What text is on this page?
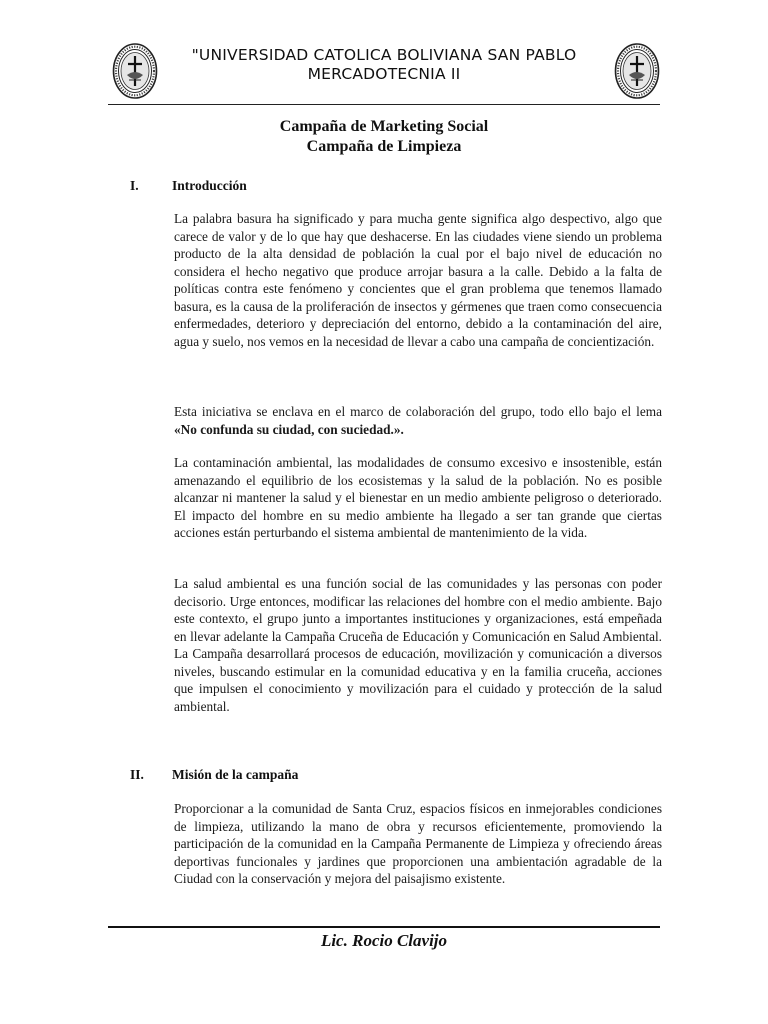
"UNIVERSIDAD CATOLICA BOLIVIANA SAN PABLO
MERCADOTECNIA II
Campaña de Marketing Social
Campaña de Limpieza
I. Introducción
La palabra basura ha significado y para mucha gente significa algo despectivo, algo que carece de valor y de lo que hay que deshacerse. En las ciudades viene siendo un problema producto de la alta densidad de población la cual por el bajo nivel de educación no considera el hecho negativo que produce arrojar basura a la calle. Debido a la falta de políticas contra este fenómeno y concientes que el gran problema que tenemos llamado basura, es la causa de la proliferación de insectos y gérmenes que traen como consecuencia enfermedades, deterioro y depreciación del entorno, debido a la contaminación del aire, agua y suelo, nos vemos en la necesidad de llevar a cabo una campaña de concientización.
Esta iniciativa se enclava en el marco de colaboración del grupo, todo ello bajo el lema «No confunda su ciudad, con suciedad.».
La contaminación ambiental, las modalidades de consumo excesivo e insostenible, están amenazando el equilibrio de los ecosistemas y la salud de la población. No es posible alcanzar ni mantener la salud y el bienestar en un medio ambiente peligroso o deteriorado. El impacto del hombre en su medio ambiente ha llegado a ser tan grande que ciertas acciones están perturbando el sistema ambiental de mantenimiento de la vida.
La salud ambiental es una función social de las comunidades y las personas con poder decisorio. Urge entonces, modificar las relaciones del hombre con el medio ambiente. Bajo este contexto, el grupo junto a importantes instituciones y organizaciones, está empeñada en llevar adelante la Campaña Cruceña de Educación y Comunicación en Salud Ambiental. La Campaña desarrollará procesos de educación, movilización y comunicación a diversos niveles, buscando estimular en la comunidad educativa y en la familia cruceña, acciones que impulsen el conocimiento y movilización para el cuidado y protección de la salud ambiental.
II. Misión de la campaña
Proporcionar a la comunidad de Santa Cruz, espacios físicos en inmejorables condiciones de limpieza, utilizando la mano de obra y recursos eficientemente, promoviendo la participación de la comunidad en la Campaña Permanente de Limpieza y ofreciendo áreas deportivas funcionales y jardines que proporcionen una ambientación agradable de la Ciudad con la conservación y mejora del paisajismo existente.
Lic. Rocio Clavijo
